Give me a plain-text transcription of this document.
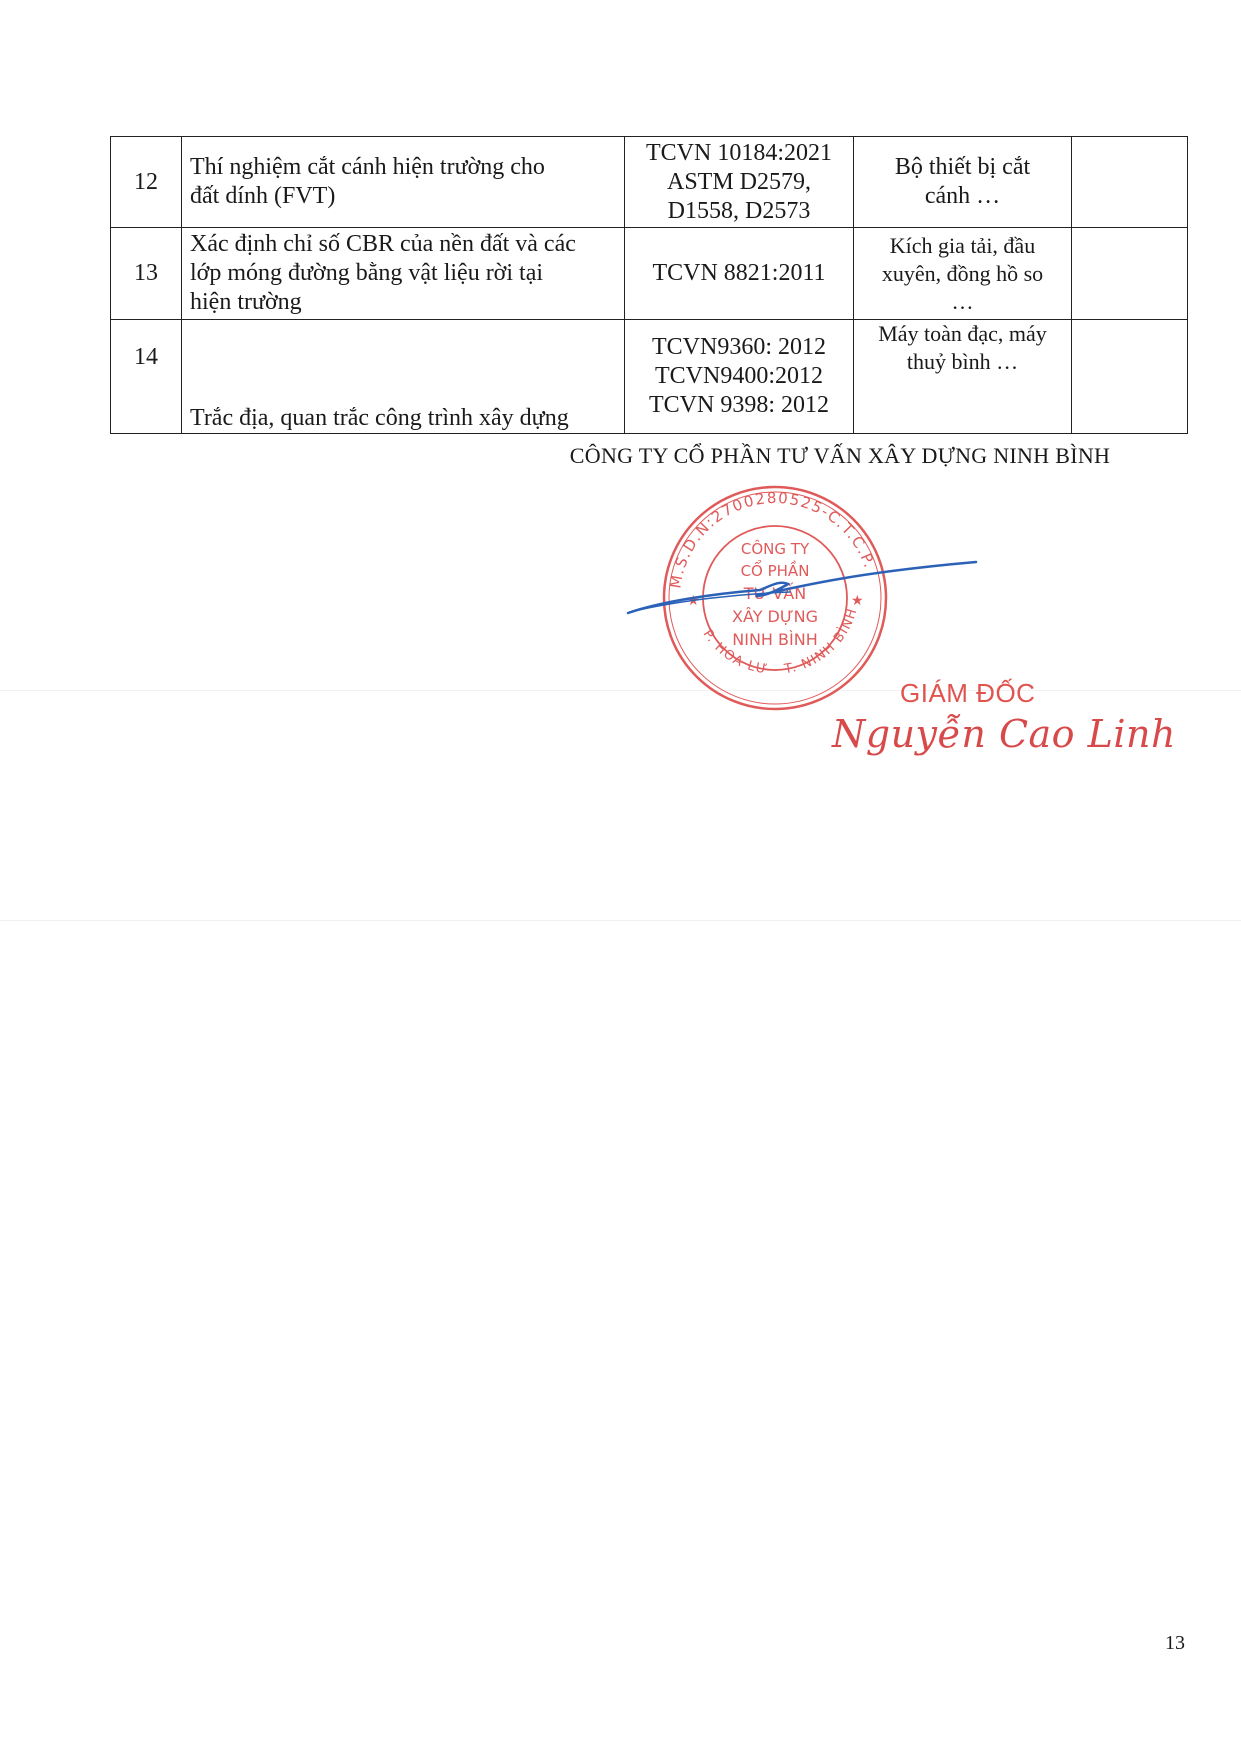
12	Thí nghiệm cắt cánh hiện trường cho
đất dính (FVT)	TCVN 10184:2021
ASTM D2579,
D1558, D2573	Bộ thiết bị cắt
cánh …	

13	Xác định chỉ số CBR của nền đất và các
lớp móng đường bằng vật liệu rời tại
hiện trường	TCVN 8821:2011	Kích gia tải, đầu
xuyên, đồng hồ so
…	

14	Trắc địa, quan trắc công trình xây dựng	TCVN9360: 2012
TCVN9400:2012
TCVN 9398: 2012	Máy toàn đạc, máy
thuỷ bình …	

CÔNG TY CỔ PHẦN TƯ VẤN XÂY DỰNG NINH BÌNH
M.S.D.N:2700280525-C.T.C.P.
P. HOA LƯ - T. NINH BÌNH
★	★
CÔNG TY
CỔ PHẦN
TƯ VẤN
XÂY DỰNG
NINH BÌNH
GIÁM ĐỐC
Nguyễn Cao Linh
13
